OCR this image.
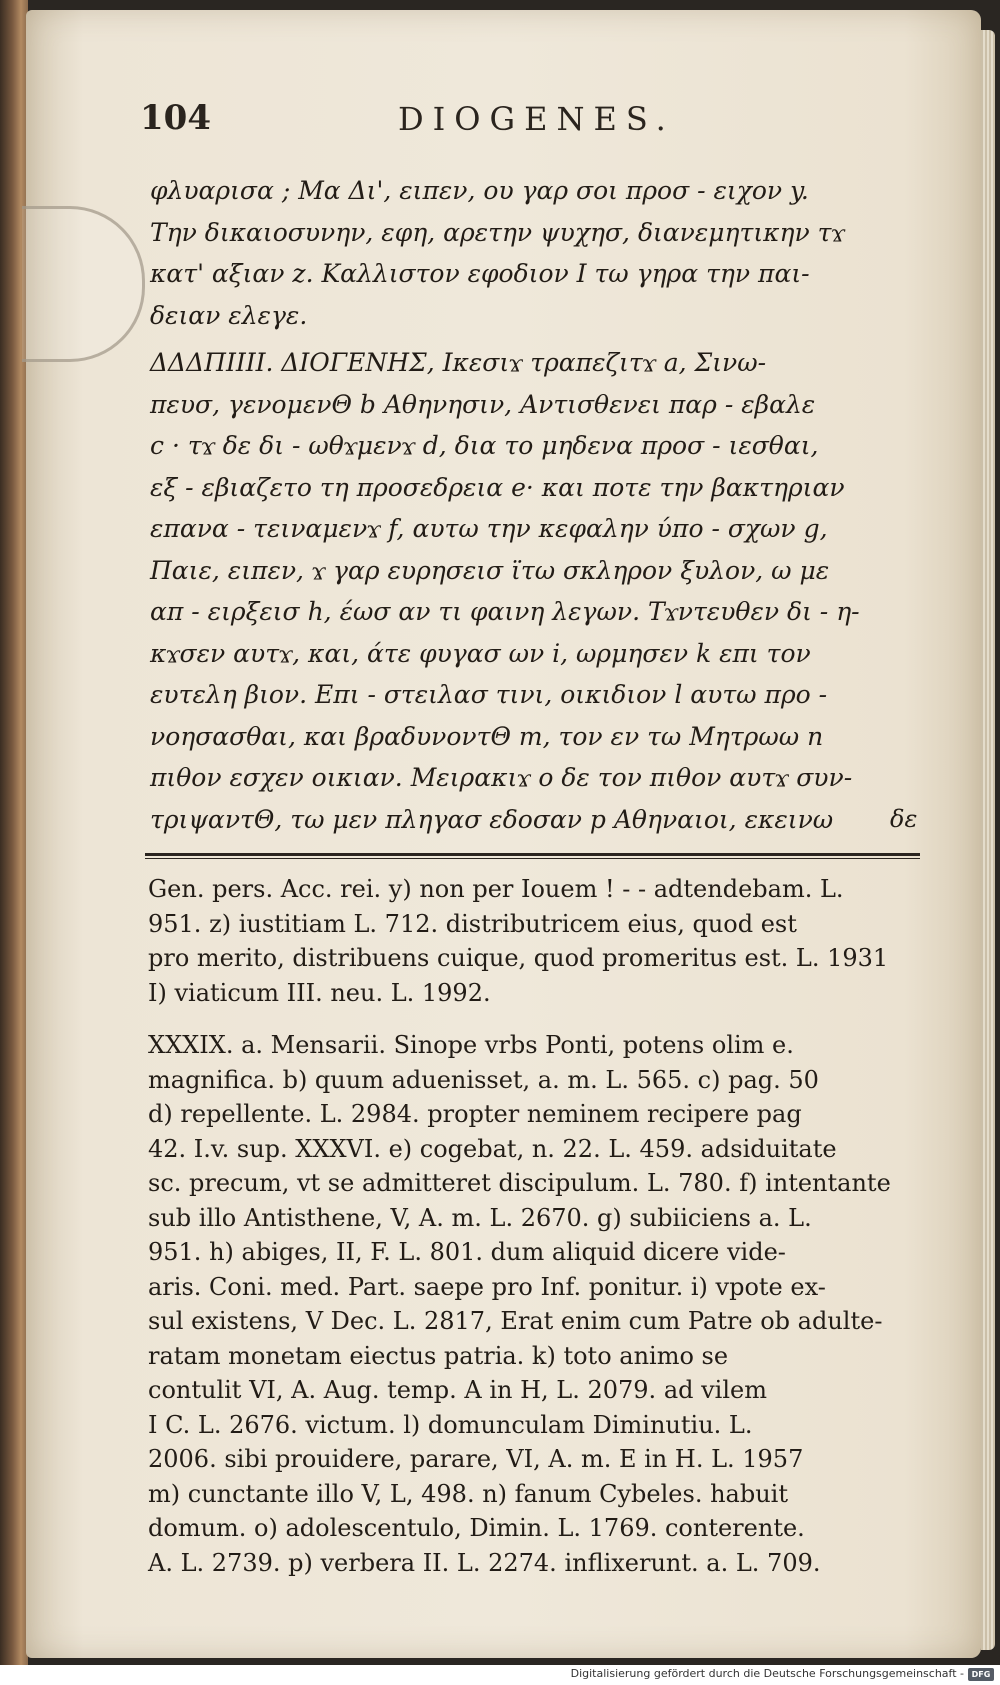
104	DIOGENES.

φλυαρισα ; Μα Δι', ειπεν, ου γαρ σοι προσ - ειχον y.
Την δικαιοσυνην, εφη, αρετην ψυχησ, διανεμητικην τϫ
κατ' αξιαν z. Καλλιστον εφοδιον I τω γηρα την παι-
δειαν ελεγε.

ΔΔΔΠΙΙΙΙ. ΔΙΟΓΕΝΗΣ, Ικεσιϫ τραπεζιτϫ a, Σινω-
πευσ, γενομενΘ b Αθηνησιν, Αντισθενει παρ - εβαλε
c · τϫ δε δι - ωθϫμενϫ d, δια το μηδενα προσ - ιεσθαι,
εξ - εβιαζετο τη προσεδρεια e· και ποτε την βακτηριαν
επανα - τειναμενϫ f, αυτω την κεφαλην ύπο - σχων g,
Παιε, ειπεν, ϫ γαρ ευρησεισ ϊτω σκληρον ξυλον, ω με
απ - ειρξεισ h, έωσ αν τι φαινη λεγων. Τϫντευθεν δι - η-
κϫσεν αυτϫ, και, άτε φυγασ ων i, ωρμησεν k επι τον
ευτελη βιον. Επι - στειλασ τινι, οικιδιον l αυτω προ -
νοησασθαι, και βραδυνοντΘ m, τον εν τω Μητρωω n
πιθον εσχεν οικιαν. Μειρακιϫ ο δε τον πιθον αυτϫ συν-
τριψαντΘ, τω μεν πληγασ εδοσαν p Αθηναιοι, εκεινω	δε

Gen. pers. Acc. rei. y) non per Iouem ! - - adtendebam. L.
951. z) iustitiam L. 712. distributricem eius, quod est
pro merito, distribuens cuique, quod promeritus est. L. 1931
I) viaticum III. neu. L. 1992.

XXXIX. a. Mensarii. Sinope vrbs Ponti, potens olim e.
magnifica. b) quum aduenisset, a. m. L. 565. c) pag. 50
d) repellente. L. 2984. propter neminem recipere pag
42. I.v. sup. XXXVI. e) cogebat, n. 22. L. 459. adsiduitate
sc. precum, vt se admitteret discipulum. L. 780. f) intentante
sub illo Antisthene, V, A. m. L. 2670. g) subiiciens a. L.
951. h) abiges, II, F. L. 801. dum aliquid dicere vide-
aris. Coni. med. Part. saepe pro Inf. ponitur. i) vpote ex-
sul existens, V Dec. L. 2817, Erat enim cum Patre ob adulte-
ratam monetam eiectus patria. k) toto animo se
contulit VI, A. Aug. temp. A in H, L. 2079. ad vilem
I C. L. 2676. victum. l) domunculam Diminutiu. L.
2006. sibi prouidere, parare, VI, A. m. E in H. L. 1957
m) cunctante illo V, L, 498. n) fanum Cybeles. habuit
domum. o) adolescentulo, Dimin. L. 1769. conterente.
A. L. 2739. p) verbera II. L. 2274. inflixerunt. a. L. 709.

Digitalisierung gefördert durch die Deutsche Forschungsgemeinschaft - DFG
